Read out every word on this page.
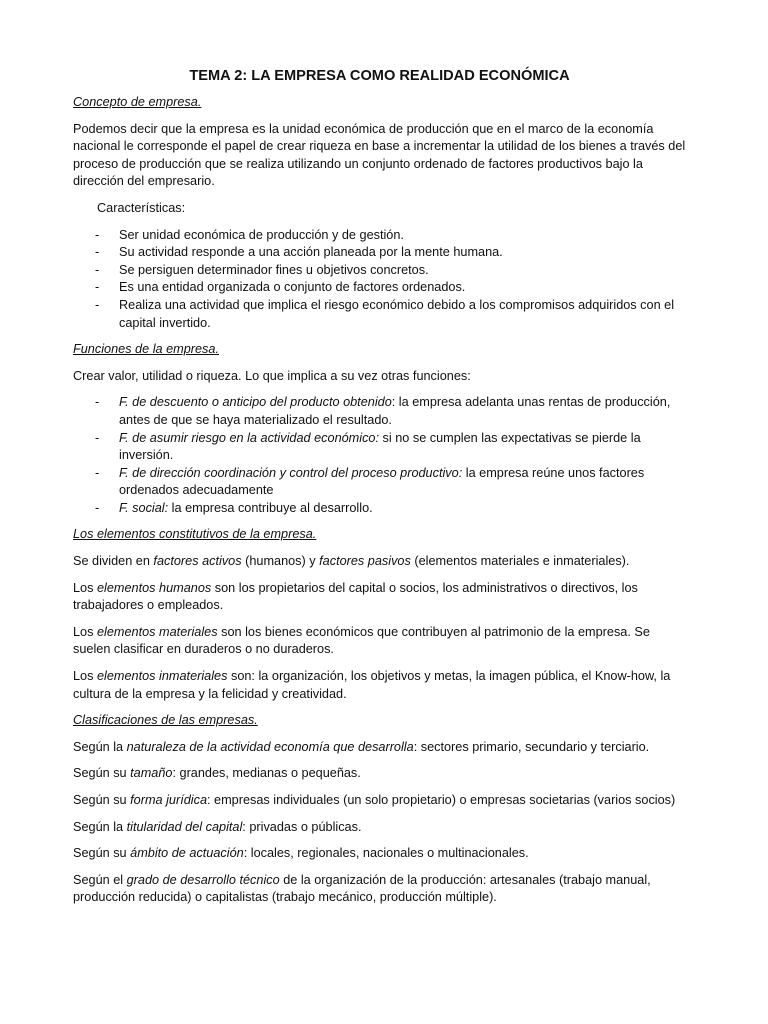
TEMA 2: LA EMPRESA COMO REALIDAD ECONÓMICA
Concepto de empresa.

Podemos decir que la empresa es la unidad económica de producción que en el marco de la economía nacional le corresponde el papel de crear riqueza en base a incrementar la utilidad de los bienes a través del proceso de producción que se realiza utilizando un conjunto ordenado de factores productivos bajo la dirección del empresario.

Características:

- Ser unidad económica de producción y de gestión.
- Su actividad responde a una acción planeada por la mente humana.
- Se persiguen determinador fines u objetivos concretos.
- Es una entidad organizada o conjunto de factores ordenados.
- Realiza una actividad que implica el riesgo económico debido a los compromisos adquiridos con el capital invertido.
Funciones de la empresa.

Crear valor, utilidad o riqueza. Lo que implica a su vez otras funciones:

- F. de descuento o anticipo del producto obtenido: la empresa adelanta unas rentas de producción, antes de que se haya materializado el resultado.
- F. de asumir riesgo en la actividad económico: si no se cumplen las expectativas se pierde la inversión.
- F. de dirección coordinación y control del proceso productivo: la empresa reúne unos factores ordenados adecuadamente
- F. social: la empresa contribuye al desarrollo.
Los elementos constitutivos de la empresa.

Se dividen en factores activos (humanos) y factores pasivos (elementos materiales e inmateriales).

Los elementos humanos son los propietarios del capital o socios, los administrativos o directivos, los trabajadores o empleados.

Los elementos materiales son los bienes económicos que contribuyen al patrimonio de la empresa. Se suelen clasificar en duraderos o no duraderos.

Los elementos inmateriales son: la organización, los objetivos y metas, la imagen pública, el Know-how, la cultura de la empresa y la felicidad y creatividad.

Clasificaciones de las empresas.

Según la naturaleza de la actividad economía que desarrolla: sectores primario, secundario y terciario.

Según su tamaño: grandes, medianas o pequeñas.

Según su forma jurídica: empresas individuales (un solo propietario) o empresas societarias (varios socios)

Según la titularidad del capital: privadas o públicas.

Según su ámbito de actuación: locales, regionales, nacionales o multinacionales.

Según el grado de desarrollo técnico de la organización de la producción: artesanales (trabajo manual, producción reducida) o capitalistas (trabajo mecánico, producción múltiple).
